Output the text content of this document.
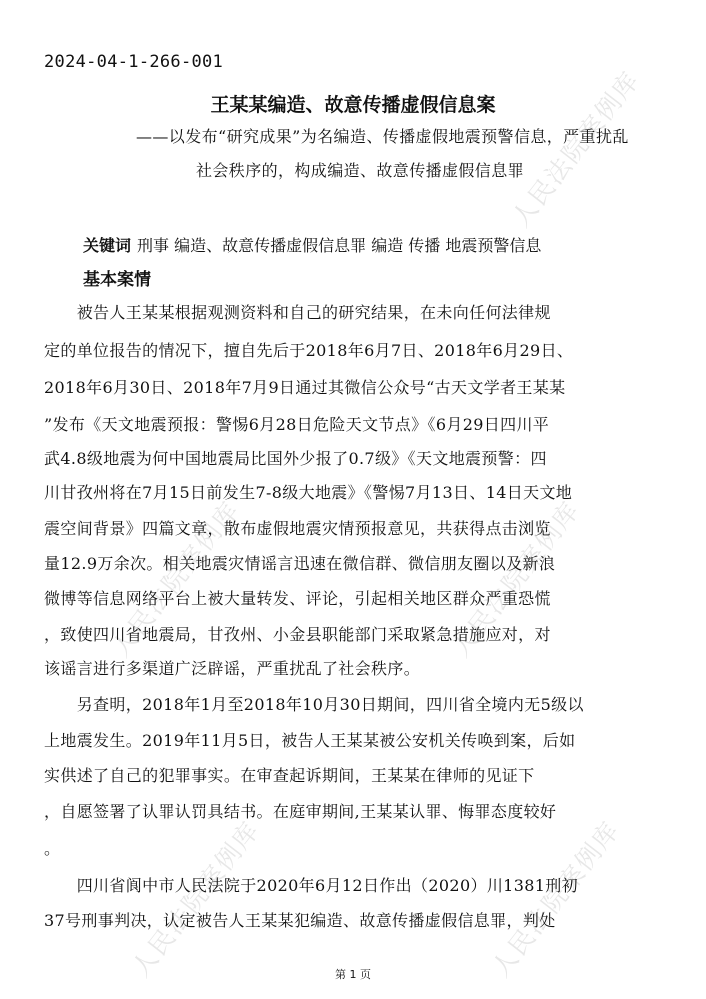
人民法院案例库
人民法院案例库	人民法院案例库
人民法院案例库	人民法院案例库
2024-04-1-266-001
王某某编造、故意传播虚假信息案
——以发布“研究成果”为名编造、传播虚假地震预警信息，严重扰乱
社会秩序的，构成编造、故意传播虚假信息罪
关键词 刑事 编造、故意传播虚假信息罪 编造 传播 地震预警信息
基本案情
　　被告人王某某根据观测资料和自己的研究结果，在未向任何法律规
定的单位报告的情况下，擅自先后于2018年6月7日、2018年6月29日、
2018年6月30日、2018年7月9日通过其微信公众号“古天文学者王某某
”发布《天文地震预报：警惕6月28日危险天文节点》《6月29日四川平
武4.8级地震为何中国地震局比国外少报了0.7级》《天文地震预警：四
川甘孜州将在7月15日前发生7-8级大地震》《警惕7月13日、14日天文地
震空间背景》四篇文章，散布虚假地震灾情预报意见，共获得点击浏览
量12.9万余次。相关地震灾情谣言迅速在微信群、微信朋友圈以及新浪
微博等信息网络平台上被大量转发、评论，引起相关地区群众严重恐慌
，致使四川省地震局，甘孜州、小金县职能部门采取紧急措施应对，对
该谣言进行多渠道广泛辟谣，严重扰乱了社会秩序。
　　另查明，2018年1月至2018年10月30日期间，四川省全境内无5级以
上地震发生。2019年11月5日，被告人王某某被公安机关传唤到案，后如
实供述了自己的犯罪事实。在审查起诉期间，王某某在律师的见证下
，自愿签署了认罪认罚具结书。在庭审期间,王某某认罪、悔罪态度较好
。
　　四川省阆中市人民法院于2020年6月12日作出（2020）川1381刑初
37号刑事判决，认定被告人王某某犯编造、故意传播虚假信息罪，判处
第 1 页
